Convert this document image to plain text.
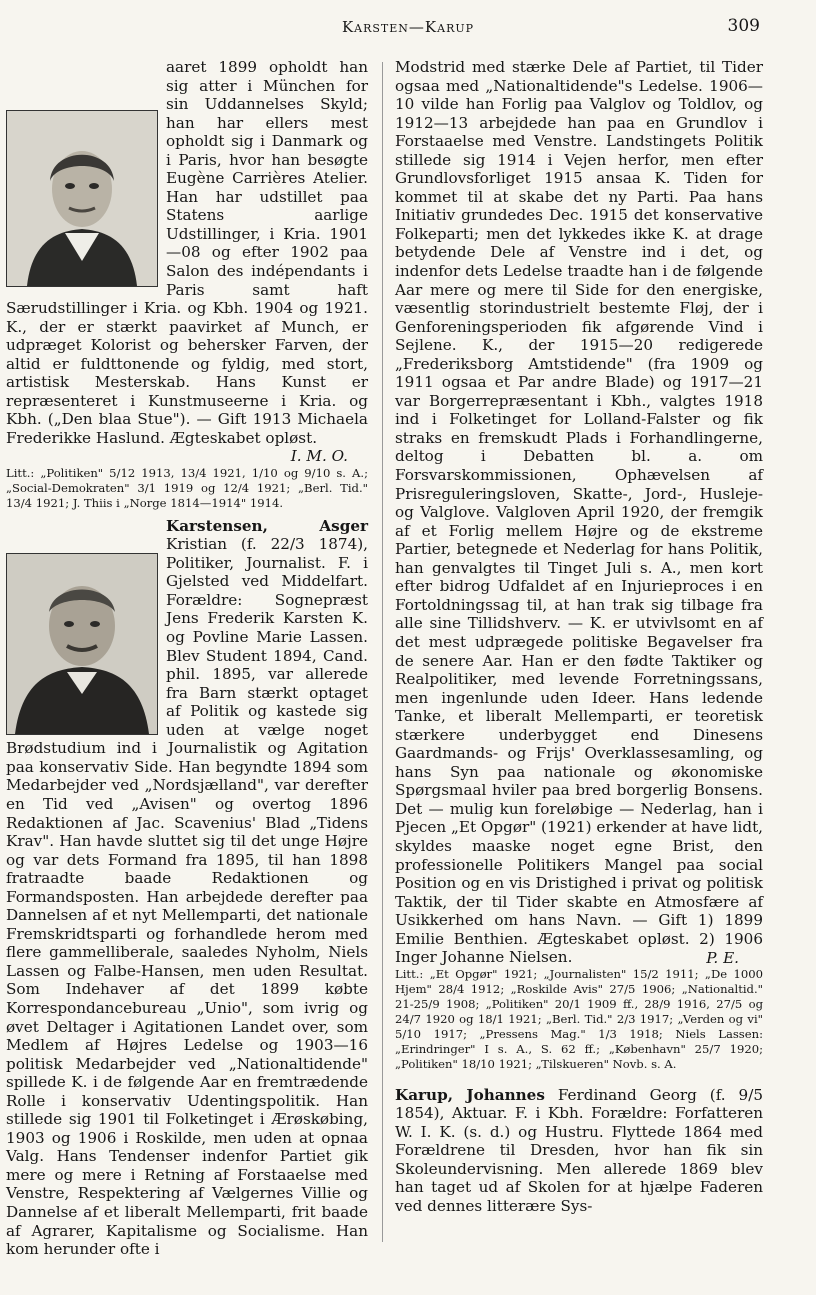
Karsten—Karup	309

aaret 1899 opholdt han sig atter i München for sin Uddannelses Skyld; han har ellers mest opholdt sig i Danmark og i Paris, hvor han besøgte Eugène Carrières Atelier. Han har udstillet paa Statens aarlige Udstillinger, i Kria. 1901—08 og efter 1902 paa Salon des indépendants i Paris samt haft Særudstillinger i Kria. og Kbh. 1904 og 1921. K., der er stærkt paavirket af Munch, er udpræget Kolorist og behersker Farven, der altid er fuldttonende og fyldig, med stort, artistisk Mesterskab. Hans Kunst er repræsenteret i Kunstmuseerne i Kria. og Kbh. („Den blaa Stue"). — Gift 1913 Michaela Frederikke Haslund. Ægteskabet opløst.

I. M. O.

Litt.: „Politiken" 5/12 1913, 13/4 1921, 1/10 og 9/10 s. A.; „Social-Demokraten" 3/1 1919 og 12/4 1921; „Berl. Tid." 13/4 1921; J. Thiis i „Norge 1814—1914" 1914.

Karstensen, Asger
Kristian (f. 22/3 1874), Politiker, Journalist. F. i Gjelsted ved Middelfart. Forældre: Sognepræst Jens Frederik Karsten K. og Povline Marie Lassen. Blev Student 1894, Cand. phil. 1895, var allerede fra Barn stærkt optaget af Politik og kastede sig uden at vælge noget Brødstudium ind i Journalistik og Agitation paa konservativ Side. Han begyndte 1894 som Medarbejder ved „Nordsjælland", var derefter en Tid ved „Avisen" og overtog 1896 Redaktionen af Jac. Scavenius' Blad „Tidens Krav". Han havde sluttet sig til det unge Højre og var dets Formand fra 1895, til han 1898 fratraadte baade Redaktionen og Formandsposten. Han arbejdede derefter paa Dannelsen af et nyt Mellemparti, det nationale Fremskridtsparti og forhandlede herom med flere gammelliberale, saaledes Nyholm, Niels Lassen og Falbe-Hansen, men uden Resultat. Som Indehaver af det 1899 købte Korrespondancebureau „Unio", som ivrig og øvet Deltager i Agitationen Landet over, som Medlem af Højres Ledelse og 1903—16 politisk Medarbejder ved „Nationaltidende" spillede K. i de følgende Aar en fremtrædende Rolle i konservativ Udentingspolitik. Han stillede sig 1901 til Folketinget i Ærøskøbing, 1903 og 1906 i Roskilde, men uden at opnaa Valg. Hans Tendenser indenfor Partiet gik mere og mere i Retning af Forstaaelse med Venstre, Respektering af Vælgernes Villie og Dannelse af et liberalt Mellemparti, frit baade af Agrarer, Kapitalisme og Socialisme. Han kom herunder ofte i

Modstrid med stærke Dele af Partiet, til Tider ogsaa med „Nationaltidende"s Ledelse. 1906—10 vilde han Forlig paa Valglov og Toldlov, og 1912—13 arbejdede han paa en Grundlov i Forstaaelse med Venstre. Landstingets Politik stillede sig 1914 i Vejen herfor, men efter Grundlovsforliget 1915 ansaa K. Tiden for kommet til at skabe det ny Parti. Paa hans Initiativ grundedes Dec. 1915 det konservative Folkeparti; men det lykkedes ikke K. at drage betydende Dele af Venstre ind i det, og indenfor dets Ledelse traadte han i de følgende Aar mere og mere til Side for den energiske, væsentlig storindustrielt bestemte Fløj, der i Genforeningsperioden fik afgørende Vind i Sejlene. K., der 1915—20 redigerede „Frederiksborg Amtstidende" (fra 1909 og 1911 ogsaa et Par andre Blade) og 1917—21 var Borgerrepræsentant i Kbh., valgtes 1918 ind i Folketinget for Lolland-Falster og fik straks en fremskudt Plads i Forhandlingerne, deltog i Debatten bl. a. om Forsvarskommissionen, Ophævelsen af Prisreguleringsloven, Skatte-, Jord-, Husleje- og Valglove. Valgloven April 1920, der fremgik af et Forlig mellem Højre og de ekstreme Partier, betegnede et Nederlag for hans Politik, han genvalgtes til Tinget Juli s. A., men kort efter bidrog Udfaldet af en Injurieproces i en Fortoldningssag til, at han trak sig tilbage fra alle sine Tillidshverv. — K. er utvivlsomt en af det mest udprægede politiske Begavelser fra de senere Aar. Han er den fødte Taktiker og Realpolitiker, med levende Forretningssans, men ingenlunde uden Ideer. Hans ledende Tanke, et liberalt Mellemparti, er teoretisk stærkere underbygget end Dinesens Gaardmands- og Frijs' Overklassesamling, og hans Syn paa nationale og økonomiske Spørgsmaal hviler paa bred borgerlig Bonsens. Det — mulig kun foreløbige — Nederlag, han i Pjecen „Et Opgør" (1921) erkender at have lidt, skyldes maaske noget egne Brist, den professionelle Politikers Mangel paa social Position og en vis Dristighed i privat og politisk Taktik, der til Tider skabte en Atmosfære af Usikkerhed om hans Navn. — Gift 1) 1899 Emilie Benthien. Ægteskabet opløst. 2) 1906 Inger Johanne Nielsen.	P. E.

Litt.: „Et Opgør" 1921; „Journalisten" 15/2 1911; „De 1000 Hjem" 28/4 1912; „Roskilde Avis" 27/5 1906; „Nationaltid." 21-25/9 1908; „Politiken" 20/1 1909 ff., 28/9 1916, 27/5 og 24/7 1920 og 18/1 1921; „Berl. Tid." 2/3 1917; „Verden og vi" 5/10 1917; „Pressens Mag." 1/3 1918; Niels Lassen: „Erindringer" I s. A., S. 62 ff.; „København" 25/7 1920; „Politiken" 18/10 1921; „Tilskueren" Novb. s. A.

Karup, Johannes Ferdinand Georg (f. 9/5 1854), Aktuar. F. i Kbh. Forældre: Forfatteren W. I. K. (s. d.) og Hustru. Flyttede 1864 med Forældrene til Dresden, hvor han fik sin Skoleundervisning. Men allerede 1869 blev han taget ud af Skolen for at hjælpe Faderen ved dennes litterære Sys-
